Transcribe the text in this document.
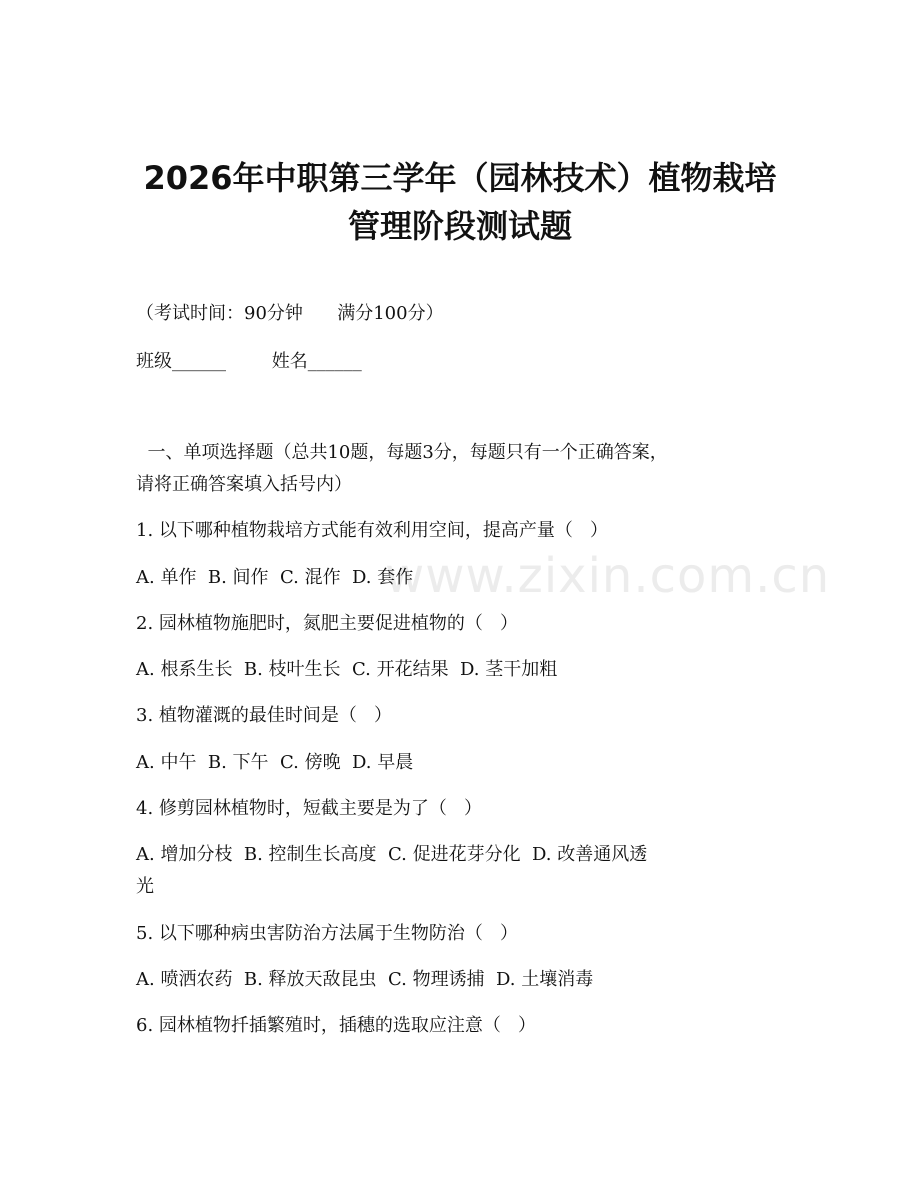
www.zixin.com.cn
2026年中职第三学年（园林技术）植物栽培
管理阶段测试题

（考试时间：90分钟      满分100分）

班级______        姓名______

一、单项选择题（总共10题，每题3分，每题只有一个正确答案，

请将正确答案填入括号内）

1. 以下哪种植物栽培方式能有效利用空间，提高产量（   ）

A. 单作  B. 间作  C. 混作  D. 套作

2. 园林植物施肥时，氮肥主要促进植物的（   ）

A. 根系生长  B. 枝叶生长  C. 开花结果  D. 茎干加粗

3. 植物灌溉的最佳时间是（   ）

A. 中午  B. 下午  C. 傍晚  D. 早晨

4. 修剪园林植物时，短截主要是为了（   ）

A. 增加分枝  B. 控制生长高度  C. 促进花芽分化  D. 改善通风透

光

5. 以下哪种病虫害防治方法属于生物防治（   ）

A. 喷洒农药  B. 释放天敌昆虫  C. 物理诱捕  D. 土壤消毒

6. 园林植物扦插繁殖时，插穗的选取应注意（   ）
